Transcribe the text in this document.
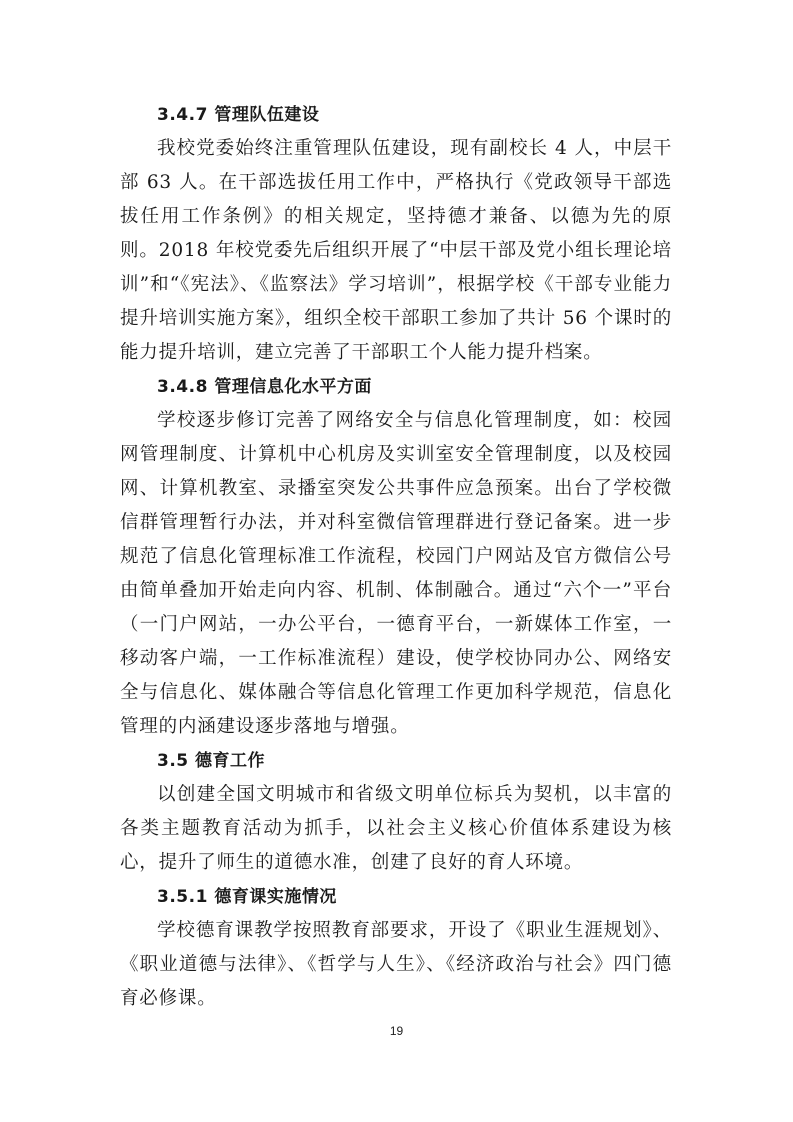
3.4.7 管理队伍建设

我校党委始终注重管理队伍建设，现有副校长 4 人，中层干部 63 人。在干部选拔任用工作中，严格执行《党政领导干部选拔任用工作条例》的相关规定，坚持德才兼备、以德为先的原则。2018 年校党委先后组织开展了“中层干部及党小组长理论培训”和“《宪法》、《监察法》学习培训”，根据学校《干部专业能力提升培训实施方案》，组织全校干部职工参加了共计 56 个课时的能力提升培训，建立完善了干部职工个人能力提升档案。

3.4.8 管理信息化水平方面

学校逐步修订完善了网络安全与信息化管理制度，如：校园网管理制度、计算机中心机房及实训室安全管理制度，以及校园网、计算机教室、录播室突发公共事件应急预案。出台了学校微信群管理暂行办法，并对科室微信管理群进行登记备案。进一步规范了信息化管理标准工作流程，校园门户网站及官方微信公号由简单叠加开始走向内容、机制、体制融合。通过“六个一”平台（一门户网站，一办公平台，一德育平台，一新媒体工作室，一移动客户端，一工作标准流程）建设，使学校协同办公、网络安全与信息化、媒体融合等信息化管理工作更加科学规范，信息化管理的内涵建设逐步落地与增强。

3.5 德育工作

以创建全国文明城市和省级文明单位标兵为契机，以丰富的各类主题教育活动为抓手，以社会主义核心价值体系建设为核心，提升了师生的道德水准，创建了良好的育人环境。

3.5.1 德育课实施情况

学校德育课教学按照教育部要求，开设了《职业生涯规划》、《职业道德与法律》、《哲学与人生》、《经济政治与社会》四门德育必修课。

19
